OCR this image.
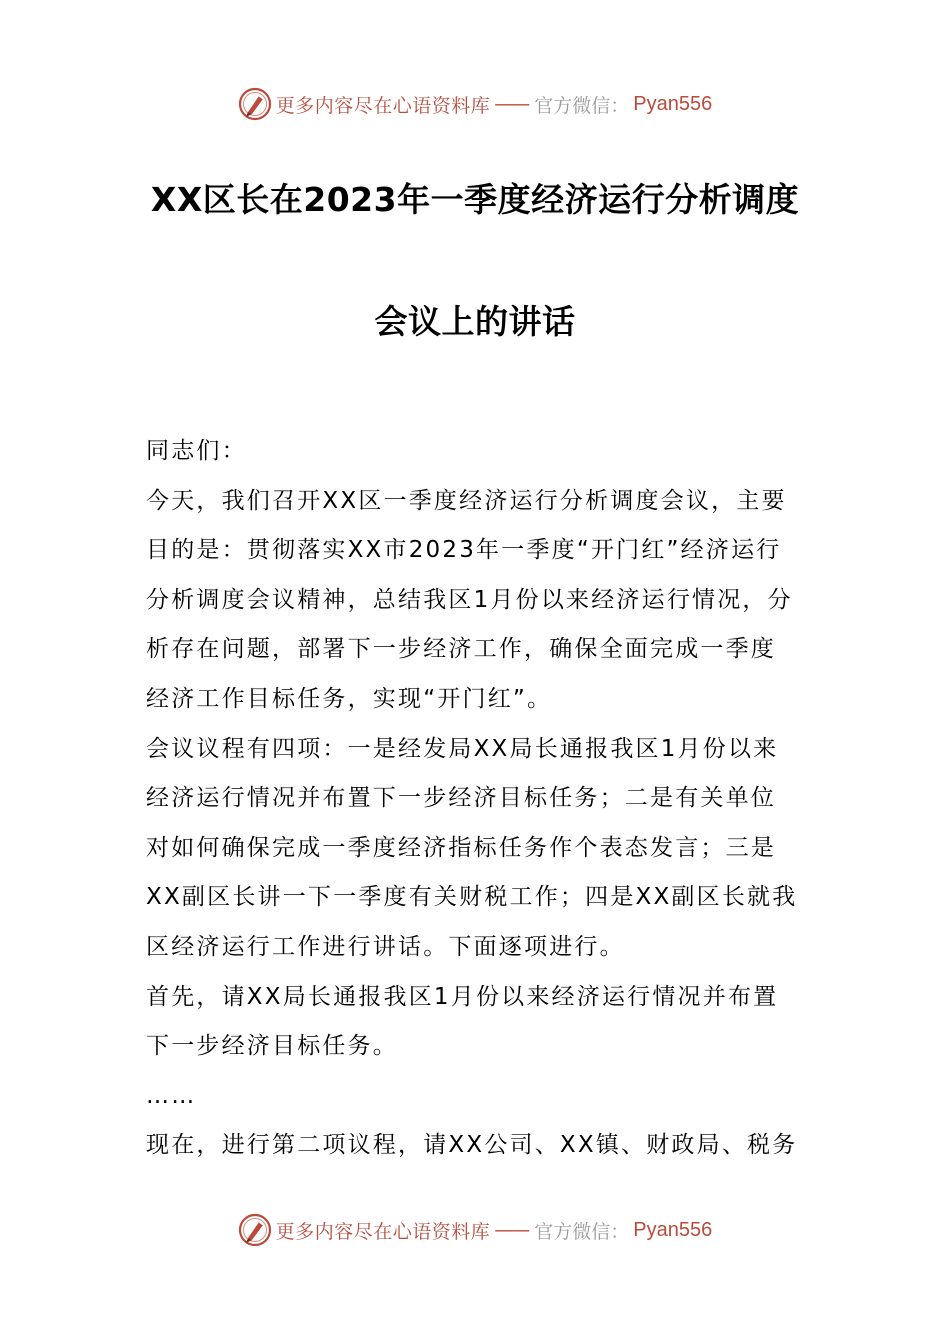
更多内容尽在心语资料库 —— 官方微信： Pyan556
XX区长在2023年一季度经济运行分析调度
会议上的讲话
同志们：
今天，我们召开XX区一季度经济运行分析调度会议，主要
目的是：贯彻落实XX市2023年一季度“开门红”经济运行
分析调度会议精神，总结我区1月份以来经济运行情况，分
析存在问题，部署下一步经济工作，确保全面完成一季度
经济工作目标任务，实现“开门红”。
会议议程有四项：一是经发局XX局长通报我区1月份以来
经济运行情况并布置下一步经济目标任务；二是有关单位
对如何确保完成一季度经济指标任务作个表态发言；三是
XX副区长讲一下一季度有关财税工作；四是XX副区长就我
区经济运行工作进行讲话。下面逐项进行。
首先，请XX局长通报我区1月份以来经济运行情况并布置
下一步经济目标任务。
……
现在，进行第二项议程，请XX公司、XX镇、财政局、税务
更多内容尽在心语资料库 —— 官方微信： Pyan556
